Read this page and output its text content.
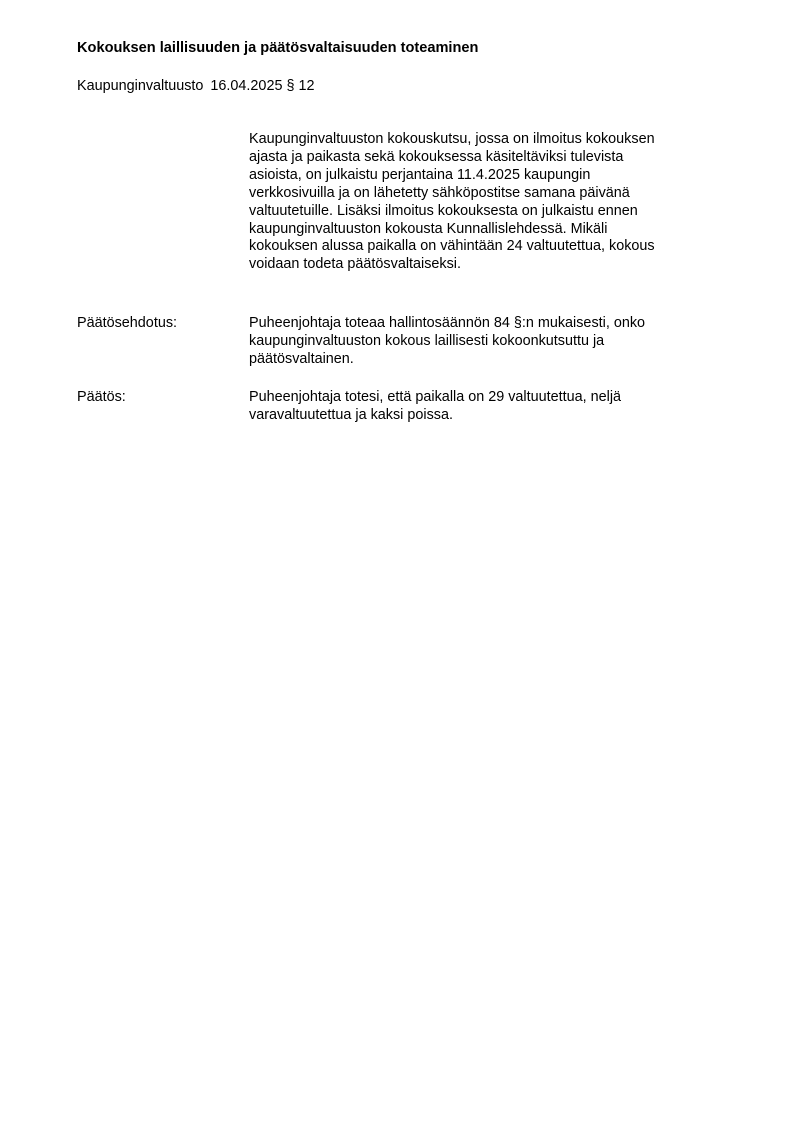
Kokouksen laillisuuden ja päätösvaltaisuuden toteaminen
Kaupunginvaltuusto 16.04.2025 § 12
Kaupunginvaltuuston kokouskutsu, jossa on ilmoitus kokouksen
ajasta ja paikasta sekä kokouksessa käsiteltäviksi tulevista
asioista, on julkaistu perjantaina 11.4.2025 kaupungin
verkkosivuilla ja on lähetetty sähköpostitse samana päivänä
valtuutetuille. Lisäksi ilmoitus kokouksesta on julkaistu ennen
kaupunginvaltuuston kokousta Kunnallislehdessä. Mikäli
kokouksen alussa paikalla on vähintään 24 valtuutettua, kokous
voidaan todeta päätösvaltaiseksi.
Päätösehdotus:	Puheenjohtaja toteaa hallintosäännön 84 §:n mukaisesti, onko
kaupunginvaltuuston kokous laillisesti kokoonkutsuttu ja
päätösvaltainen.
Päätös:	Puheenjohtaja totesi, että paikalla on 29 valtuutettua, neljä
varavaltuutettua ja kaksi poissa.
